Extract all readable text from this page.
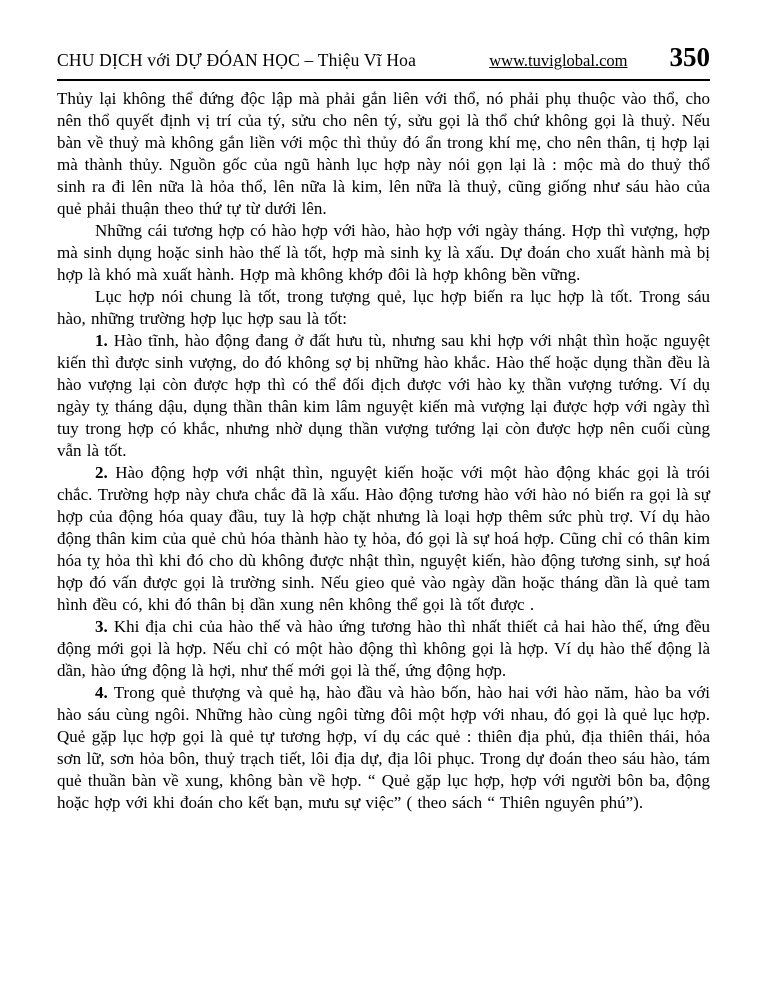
CHU DỊCH với DỰ ĐÓAN HỌC – Thiệu Vĩ Hoa	www.tuviglobal.com 350

Thủy lại không thể đứng độc lập mà phải gắn liên với thổ, nó phải phụ thuộc vào thổ, cho nên thổ quyết định vị trí của tý, sửu cho nên tý, sửu gọi là thổ chứ không gọi là thuỷ. Nếu bàn về thuỷ mà không gắn liền với mộc thì thủy đó ẩn trong khí mẹ, cho nên thân, tị hợp lại mà thành thủy. Nguồn gốc của ngũ hành lục hợp này nói gọn lại là : mộc mà do thuỷ thổ sinh ra đi lên nữa là hỏa thổ, lên nữa là kim, lên nữa là thuỷ, cũng giống như sáu hào của quẻ phải thuận theo thứ tự từ dưới lên.

Những cái tương hợp có hào hợp với hào, hào hợp với ngày tháng. Hợp thì vượng, hợp mà sinh dụng hoặc sinh hào thế là tốt, hợp mà sinh kỵ là xấu. Dự đoán cho xuất hành mà bị hợp là khó mà xuất hành. Hợp mà không khớp đôi là hợp không bền vững.

Lục hợp nói chung là tốt, trong tượng quẻ, lục hợp biến ra lục hợp là tốt. Trong sáu hào, những trường hợp lục hợp sau là tốt:

1. Hào tĩnh, hào động đang ở đất hưu tù, nhưng sau khi hợp với nhật thìn hoặc nguyệt kiến thì được sinh vượng, do đó không sợ bị những hào khắc. Hào thế hoặc dụng thần đều là hào vượng lại còn được hợp thì có thể đối địch được với hào kỵ thần vượng tướng. Ví dụ ngày tỵ tháng dậu, dụng thần thân kim lâm nguyệt kiến mà vượng lại được hợp với ngày thì tuy trong hợp có khắc, nhưng nhờ dụng thần vượng tướng lại còn được hợp nên cuối cùng vẫn là tốt.

2. Hào động hợp với nhật thìn, nguyệt kiến hoặc với một hào động khác gọi là trói chắc. Trường hợp này chưa chắc đã là xấu. Hào động tương hào với hào nó biến ra gọi là sự hợp của động hóa quay đầu, tuy là hợp chặt nhưng là loại hợp thêm sức phù trợ. Ví dụ hào động thân kim của quẻ chủ hóa thành hào tỵ hỏa, đó gọi là sự hoá hợp. Cũng chỉ có thân kim hóa tỵ hỏa thì khi đó cho dù không được nhật thìn, nguyệt kiến, hào động tương sinh, sự hoá hợp đó vấn được gọi là trường sinh. Nếu gieo quẻ vào ngày dần hoặc tháng dần là quẻ tam hình đều có, khi đó thân bị dần xung nên không thể gọi là tốt được .

3. Khi địa chi của hào thế và hào ứng tương hào thì nhất thiết cả hai hào thế, ứng đều động mới gọi là hợp. Nếu chỉ có một hào động thì không gọi là hợp. Ví dụ hào thế động là dần, hào ứng động là hợi, như thế mới gọi là thế, ứng động hợp.

4. Trong quẻ thượng và quẻ hạ, hào đầu và hào bốn, hào hai với hào năm, hào ba với hào sáu cùng ngôi. Những hào cùng ngôi từng đôi một hợp với nhau, đó gọi là quẻ lục hợp. Quẻ gặp lục hợp gọi là quẻ tự tương hợp, ví dụ các quẻ : thiên địa phủ, địa thiên thái, hỏa sơn lữ, sơn hỏa bôn, thuỷ trạch tiết, lôi địa dự, địa lôi phục. Trong dự đoán theo sáu hào, tám quẻ thuần bàn về xung, không bàn về hợp. “ Quẻ gặp lục hợp, hợp với người bôn ba, động hoặc hợp với khi đoán cho kết bạn, mưu sự việc” ( theo sách “ Thiên nguyên phú”).
